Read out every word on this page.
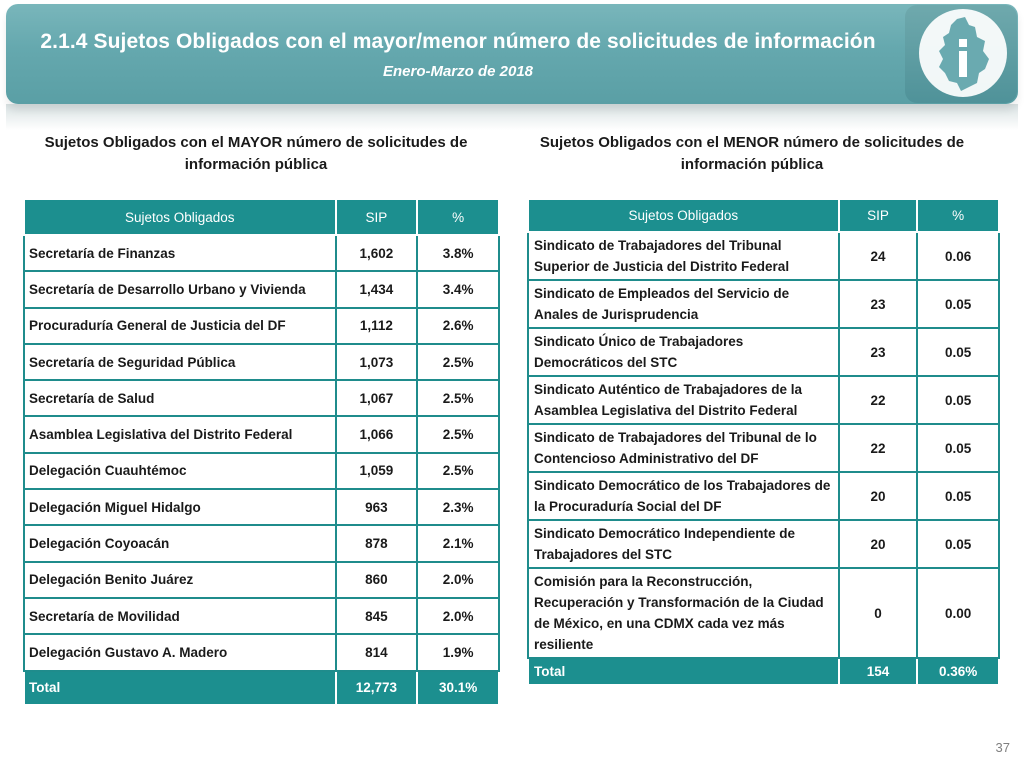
2.1.4 Sujetos Obligados con el mayor/menor número de solicitudes de información
Enero-Marzo de 2018
Sujetos Obligados con el MAYOR número de solicitudes de información pública
Sujetos Obligados con el MENOR número de solicitudes de información pública
Sujetos Obligados	SIP	%
Secretaría de Finanzas	1,602	3.8%
Secretaría de Desarrollo Urbano y Vivienda	1,434	3.4%
Procuraduría General de Justicia del DF	1,112	2.6%
Secretaría de Seguridad Pública	1,073	2.5%
Secretaría de Salud	1,067	2.5%
Asamblea Legislativa del Distrito Federal	1,066	2.5%
Delegación Cuauhtémoc	1,059	2.5%
Delegación Miguel Hidalgo	963	2.3%
Delegación Coyoacán	878	2.1%
Delegación Benito Juárez	860	2.0%
Secretaría de Movilidad	845	2.0%
Delegación Gustavo A. Madero	814	1.9%
Total	12,773	30.1%
Sujetos Obligados	SIP	%
Sindicato de Trabajadores del Tribunal Superior de Justicia del Distrito Federal	24	0.06
Sindicato de Empleados del Servicio de Anales de Jurisprudencia	23	0.05
Sindicato Único de Trabajadores Democráticos del STC	23	0.05
Sindicato Auténtico de Trabajadores de la Asamblea Legislativa del Distrito Federal	22	0.05
Sindicato de Trabajadores del Tribunal de lo Contencioso Administrativo del DF	22	0.05
Sindicato Democrático de los Trabajadores de la Procuraduría Social del DF	20	0.05
Sindicato Democrático Independiente de Trabajadores del STC	20	0.05
Comisión para la Reconstrucción, Recuperación y Transformación de la Ciudad de México, en una CDMX cada vez más resiliente	0	0.00
Total	154	0.36%
37
